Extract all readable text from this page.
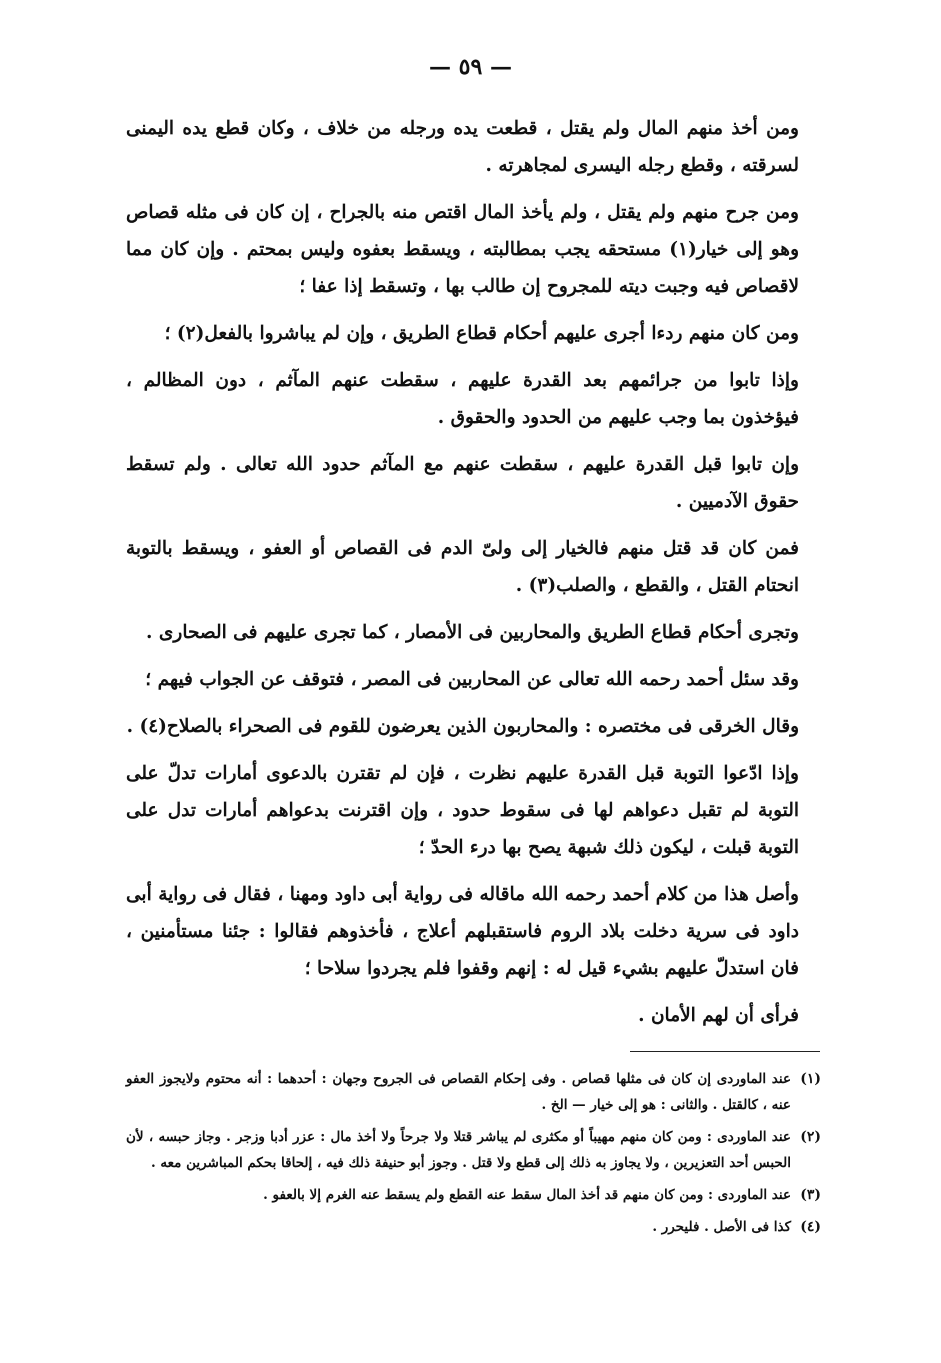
— ٥٩ —

ومن أخذ منهم المال ولم يقتل ، قطعت يده ورجله من خلاف ، وكان قطع يده اليمنى لسرقته ، وقطع رجله اليسرى لمجاهرته .

ومن جرح منهم ولم يقتل ، ولم يأخذ المال اقتص منه بالجراح ، إن كان فى مثله قصاص وهو إلى خيار(١) مستحقه يجب بمطالبته ، ويسقط بعفوه وليس بمحتم . وإن كان مما لاقصاص فيه وجبت ديته للمجروح إن طالب بها ، وتسقط إذا عفا ؛

ومن كان منهم ردءا أجرى عليهم أحكام قطاع الطريق ، وإن لم يباشروا بالفعل(٢) ؛

وإذا تابوا من جرائمهم بعد القدرة عليهم ، سقطت عنهم المآثم ، دون المظالم ، فيؤخذون بما وجب عليهم من الحدود والحقوق .

وإن تابوا قبل القدرة عليهم ، سقطت عنهم مع المآثم حدود الله تعالى . ولم تسقط حقوق الآدميين .

فمن كان قد قتل منهم فالخيار إلى ولىّ الدم فى القصاص أو العفو ، ويسقط بالتوبة انحتام القتل ، والقطع ، والصلب(٣) .

وتجرى أحكام قطاع الطريق والمحاربين فى الأمصار ، كما تجرى عليهم فى الصحارى .

وقد سئل أحمد رحمه الله تعالى عن المحاربين فى المصر ، فتوقف عن الجواب فيهم ؛

وقال الخرقى فى مختصره : والمحاربون الذين يعرضون للقوم فى الصحراء بالصلاح(٤) .

وإذا ادّعوا التوبة قبل القدرة عليهم نظرت ، فإن لم تقترن بالدعوى أمارات تدلّ على التوبة لم تقبل دعواهم لها فى سقوط حدود ، وإن اقترنت بدعواهم أمارات تدل على التوبة قبلت ، ليكون ذلك شبهة يصح بها درء الحدّ ؛

وأصل هذا من كلام أحمد رحمه الله ماقاله فى رواية أبى داود ومهنا ، فقال فى رواية أبى داود فى سرية دخلت بلاد الروم فاستقبلهم أعلاج ، فأخذوهم فقالوا : جئنا مستأمنين ، فان استدلّ عليهم بشيء قيل له : إنهم وقفوا فلم يجردوا سلاحا ؛

فرأى أن لهم الأمان .

(١)
عند الماوردى إن كان فى مثلها قصاص . وفى إحكام القصاص فى الجروح وجهان : أحدهما : أنه محتوم ولايجوز العفو عنه ، كالقتل . والثانى : هو إلى خيار — الخ .
(٢)
عند الماوردى : ومن كان منهم مهيباً أو مكثرى لم يباشر قتلا ولا جرحاً ولا أخذ مال : عزر أدبا وزجر . وجاز حبسه ، لأن الحبس أحد التعزيرين ، ولا يجاوز به ذلك إلى قطع ولا قتل . وجوز أبو حنيفة ذلك فيه ، إلحاقا بحكم المباشرين معه .
(٣)
عند الماوردى : ومن كان منهم قد أخذ المال سقط عنه القطع ولم يسقط عنه الغرم إلا بالعفو .
(٤)
كذا فى الأصل . فليحرر .
